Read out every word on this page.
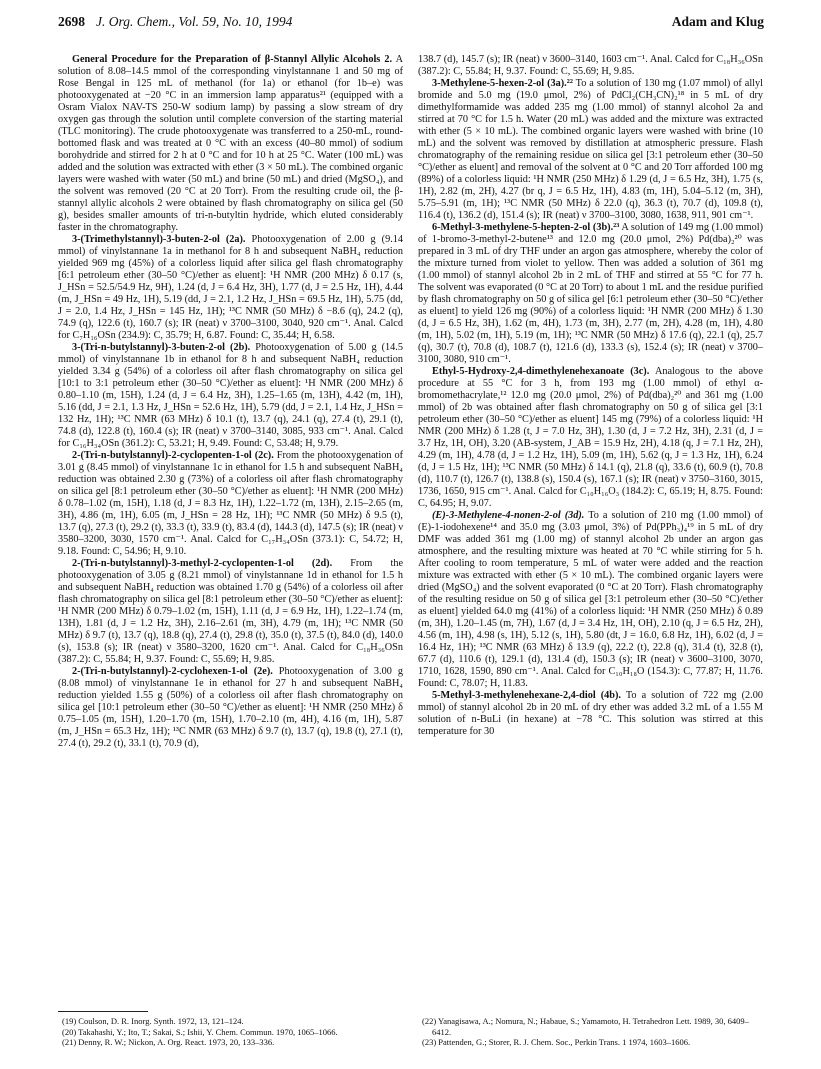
2698 J. Org. Chem., Vol. 59, No. 10, 1994	Adam and Klug

General Procedure for the Preparation of β-Stannyl Allylic Alcohols 2. A solution of 8.08–14.5 mmol of the corresponding vinylstannane 1 and 50 mg of Rose Bengal in 125 mL of methanol (for 1a) or ethanol (for 1b–e) was photooxygenated at −20 °C in an immersion lamp apparatus²¹ (equipped with a Osram Vialox NAV-TS 250-W sodium lamp) by passing a slow stream of dry oxygen gas through the solution until complete conversion of the starting material (TLC monitoring). The crude photooxygenate was transferred to a 250-mL, round-bottomed flask and was treated at 0 °C with an excess (40–80 mmol) of sodium borohydride and stirred for 2 h at 0 °C and for 10 h at 25 °C. Water (100 mL) was added and the solution was extracted with ether (3 × 50 mL). The combined organic layers were washed with water (50 mL) and brine (50 mL) and dried (MgSO₄), and the solvent was removed (20 °C at 20 Torr). From the resulting crude oil, the β-stannyl allylic alcohols 2 were obtained by flash chromatography on silica gel (50 g), besides smaller amounts of tri-n-butyltin hydride, which eluted considerably faster in the chromatography.

3-(Trimethylstannyl)-3-buten-2-ol (2a). Photooxygenation of 2.00 g (9.14 mmol) of vinylstannane 1a in methanol for 8 h and subsequent NaBH₄ reduction yielded 969 mg (45%) of a colorless liquid after silica gel flash chromatography [6:1 petroleum ether (30–50 °C)/ether as eluent]: ¹H NMR (200 MHz) δ 0.17 (s, J_HSn = 52.5/54.9 Hz, 9H), 1.24 (d, J = 6.4 Hz, 3H), 1.77 (d, J = 2.5 Hz, 1H), 4.44 (m, J_HSn = 49 Hz, 1H), 5.19 (dd, J = 2.1, 1.2 Hz, J_HSn = 69.5 Hz, 1H), 5.75 (dd, J = 2.0, 1.4 Hz, J_HSn = 145 Hz, 1H); ¹³C NMR (50 MHz) δ −8.6 (q), 24.2 (q), 74.9 (q), 122.6 (t), 160.7 (s); IR (neat) ν 3700–3100, 3040, 920 cm⁻¹. Anal. Calcd for C₇H₁₆OSn (234.9): C, 35.79; H, 6.87. Found: C, 35.44; H, 6.58.

3-(Tri-n-butylstannyl)-3-buten-2-ol (2b). Photooxygenation of 5.00 g (14.5 mmol) of vinylstannane 1b in ethanol for 8 h and subsequent NaBH₄ reduction yielded 3.34 g (54%) of a colorless oil after flash chromatography on silica gel [10:1 to 3:1 petroleum ether (30–50 °C)/ether as eluent]: ¹H NMR (200 MHz) δ 0.80–1.10 (m, 15H), 1.24 (d, J = 6.4 Hz, 3H), 1.25–1.65 (m, 13H), 4.42 (m, 1H), 5.16 (dd, J = 2.1, 1.3 Hz, J_HSn = 52.6 Hz, 1H), 5.79 (dd, J = 2.1, 1.4 Hz, J_HSn = 132 Hz, 1H); ¹³C NMR (63 MHz) δ 10.1 (t), 13.7 (q), 24.1 (q), 27.4 (t), 29.1 (t), 74.8 (d), 122.8 (t), 160.4 (s); IR (neat) ν 3700–3140, 3085, 933 cm⁻¹. Anal. Calcd for C₁₆H₃₄OSn (361.2): C, 53.21; H, 9.49. Found: C, 53.48; H, 9.79.

2-(Tri-n-butylstannyl)-2-cyclopenten-1-ol (2c). From the photooxygenation of 3.01 g (8.45 mmol) of vinylstannane 1c in ethanol for 1.5 h and subsequent NaBH₄ reduction was obtained 2.30 g (73%) of a colorless oil after flash chromatography on silica gel [8:1 petroleum ether (30–50 °C)/ether as eluent]: ¹H NMR (200 MHz) δ 0.78–1.02 (m, 15H), 1.18 (d, J = 8.3 Hz, 1H), 1.22–1.72 (m, 13H), 2.15–2.65 (m, 3H), 4.86 (m, 1H), 6.05 (m, J_HSn = 28 Hz, 1H); ¹³C NMR (50 MHz) δ 9.5 (t), 13.7 (q), 27.3 (t), 29.2 (t), 33.3 (t), 33.9 (t), 83.4 (d), 144.3 (d), 147.5 (s); IR (neat) ν 3580–3200, 3030, 1570 cm⁻¹. Anal. Calcd for C₁₇H₃₄OSn (373.1): C, 54.72; H, 9.18. Found: C, 54.96; H, 9.10.

2-(Tri-n-butylstannyl)-3-methyl-2-cyclopenten-1-ol (2d). From the photooxygenation of 3.05 g (8.21 mmol) of vinylstannane 1d in ethanol for 1.5 h and subsequent NaBH₄ reduction was obtained 1.70 g (54%) of a colorless oil after flash chromatography on silica gel [8:1 petroleum ether (30–50 °C)/ether as eluent]: ¹H NMR (200 MHz) δ 0.79–1.02 (m, 15H), 1.11 (d, J = 6.9 Hz, 1H), 1.22–1.74 (m, 13H), 1.81 (d, J = 1.2 Hz, 3H), 2.16–2.61 (m, 3H), 4.79 (m, 1H); ¹³C NMR (50 MHz) δ 9.7 (t), 13.7 (q), 18.8 (q), 27.4 (t), 29.8 (t), 35.0 (t), 37.5 (t), 84.0 (d), 140.0 (s), 153.8 (s); IR (neat) ν 3580–3200, 1620 cm⁻¹. Anal. Calcd for C₁₈H₃₆OSn (387.2): C, 55.84; H, 9.37. Found: C, 55.69; H, 9.85.

2-(Tri-n-butylstannyl)-2-cyclohexen-1-ol (2e). Photooxygenation of 3.00 g (8.08 mmol) of vinylstannane 1e in ethanol for 27 h and subsequent NaBH₄ reduction yielded 1.55 g (50%) of a colorless oil after flash chromatography on silica gel [10:1 petroleum ether (30–50 °C)/ether as eluent]: ¹H NMR (250 MHz) δ 0.75–1.05 (m, 15H), 1.20–1.70 (m, 15H), 1.70–2.10 (m, 4H), 4.16 (m, 1H), 5.87 (m, J_HSn = 65.3 Hz, 1H); ¹³C NMR (63 MHz) δ 9.7 (t), 13.7 (q), 19.8 (t), 27.1 (t), 27.4 (t), 29.2 (t), 33.1 (t), 70.9 (d),

138.7 (d), 145.7 (s); IR (neat) ν 3600–3140, 1603 cm⁻¹. Anal. Calcd for C₁₈H₃₆OSn (387.2): C, 55.84; H, 9.37. Found: C, 55.69; H, 9.85.

3-Methylene-5-hexen-2-ol (3a).²² To a solution of 130 mg (1.07 mmol) of allyl bromide and 5.0 mg (19.0 μmol, 2%) of PdCl₂(CH₃CN)₂¹⁸ in 5 mL of dry dimethylformamide was added 235 mg (1.00 mmol) of stannyl alcohol 2a and stirred at 70 °C for 1.5 h. Water (20 mL) was added and the mixture was extracted with ether (5 × 10 mL). The combined organic layers were washed with brine (10 mL) and the solvent was removed by distillation at atmospheric pressure. Flash chromatography of the remaining residue on silica gel [3:1 petroleum ether (30–50 °C)/ether as eluent] and removal of the solvent at 0 °C and 20 Torr afforded 100 mg (89%) of a colorless liquid: ¹H NMR (250 MHz) δ 1.29 (d, J = 6.5 Hz, 3H), 1.75 (s, 1H), 2.82 (m, 2H), 4.27 (br q, J = 6.5 Hz, 1H), 4.83 (m, 1H), 5.04–5.12 (m, 3H), 5.75–5.91 (m, 1H); ¹³C NMR (50 MHz) δ 22.0 (q), 36.3 (t), 70.7 (d), 109.8 (t), 116.4 (t), 136.2 (d), 151.4 (s); IR (neat) ν 3700–3100, 3080, 1638, 911, 901 cm⁻¹.

6-Methyl-3-methylene-5-hepten-2-ol (3b).²³ A solution of 149 mg (1.00 mmol) of 1-bromo-3-methyl-2-butene¹³ and 12.0 mg (20.0 μmol, 2%) Pd(dba)₂²⁰ was prepared in 3 mL of dry THF under an argon gas atmosphere, whereby the color of the mixture turned from violet to yellow. Then was added a solution of 361 mg (1.00 mmol) of stannyl alcohol 2b in 2 mL of THF and stirred at 55 °C for 77 h. The solvent was evaporated (0 °C at 20 Torr) to about 1 mL and the residue purified by flash chromatography on 50 g of silica gel [6:1 petroleum ether (30–50 °C)/ether as eluent] to yield 126 mg (90%) of a colorless liquid: ¹H NMR (200 MHz) δ 1.30 (d, J = 6.5 Hz, 3H), 1.62 (m, 4H), 1.73 (m, 3H), 2.77 (m, 2H), 4.28 (m, 1H), 4.80 (m, 1H), 5.02 (m, 1H), 5.19 (m, 1H); ¹³C NMR (50 MHz) δ 17.6 (q), 22.1 (q), 25.7 (q), 30.7 (t), 70.8 (d), 108.7 (t), 121.6 (d), 133.3 (s), 152.4 (s); IR (neat) ν 3700–3100, 3080, 910 cm⁻¹.

Ethyl-5-Hydroxy-2,4-dimethylenehexanoate (3c). Analogous to the above procedure at 55 °C for 3 h, from 193 mg (1.00 mmol) of ethyl α-bromomethacrylate,¹² 12.0 mg (20.0 μmol, 2%) of Pd(dba)₂²⁰ and 361 mg (1.00 mmol) of 2b was obtained after flash chromatography on 50 g of silica gel [3:1 petroleum ether (30–50 °C)/ether as eluent] 145 mg (79%) of a colorless liquid: ¹H NMR (200 MHz) δ 1.28 (t, J = 7.0 Hz, 3H), 1.30 (d, J = 7.2 Hz, 3H), 2.31 (d, J = 3.7 Hz, 1H, OH), 3.20 (AB-system, J_AB = 15.9 Hz, 2H), 4.18 (q, J = 7.1 Hz, 2H), 4.29 (m, 1H), 4.78 (d, J = 1.2 Hz, 1H), 5.09 (m, 1H), 5.62 (q, J = 1.3 Hz, 1H), 6.24 (d, J = 1.5 Hz, 1H); ¹³C NMR (50 MHz) δ 14.1 (q), 21.8 (q), 33.6 (t), 60.9 (t), 70.8 (d), 110.7 (t), 126.7 (t), 138.8 (s), 150.4 (s), 167.1 (s); IR (neat) ν 3750–3160, 3015, 1736, 1650, 915 cm⁻¹. Anal. Calcd for C₁₀H₁₆O₃ (184.2): C, 65.19; H, 8.75. Found: C, 64.95; H, 9.07.

(E)-3-Methylene-4-nonen-2-ol (3d). To a solution of 210 mg (1.00 mmol) of (E)-1-iodohexene¹⁴ and 35.0 mg (3.03 μmol, 3%) of Pd(PPh₃)₄¹⁹ in 5 mL of dry DMF was added 361 mg (1.00 mg) of stannyl alcohol 2b under an argon gas atmosphere, and the resulting mixture was heated at 70 °C while stirring for 5 h. After cooling to room temperature, 5 mL of water were added and the reaction mixture was extracted with ether (5 × 10 mL). The combined organic layers were dried (MgSO₄) and the solvent evaporated (0 °C at 20 Torr). Flash chromatography of the resulting residue on 50 g of silica gel [3:1 petroleum ether (30–50 °C)/ether as eluent] yielded 64.0 mg (41%) of a colorless liquid: ¹H NMR (250 MHz) δ 0.89 (m, 3H), 1.20–1.45 (m, 7H), 1.67 (d, J = 3.4 Hz, 1H, OH), 2.10 (q, J = 6.5 Hz, 2H), 4.56 (m, 1H), 4.98 (s, 1H), 5.12 (s, 1H), 5.80 (dt, J = 16.0, 6.8 Hz, 1H), 6.02 (d, J = 16.4 Hz, 1H); ¹³C NMR (63 MHz) δ 13.9 (q), 22.2 (t), 22.8 (q), 31.4 (t), 32.8 (t), 67.7 (d), 110.6 (t), 129.1 (d), 131.4 (d), 150.3 (s); IR (neat) ν 3600–3100, 3070, 1710, 1628, 1590, 890 cm⁻¹. Anal. Calcd for C₁₀H₁₈O (154.3): C, 77.87; H, 11.76. Found: C, 78.07; H, 11.83.

5-Methyl-3-methylenehexane-2,4-diol (4b). To a solution of 722 mg (2.00 mmol) of stannyl alcohol 2b in 20 mL of dry ether was added 3.2 mL of a 1.55 M solution of n-BuLi (in hexane) at −78 °C. This solution was stirred at this temperature for 30

(19) Coulson, D. R. Inorg. Synth. 1972, 13, 121–124.
(20) Takahashi, Y.; Ito, T.; Sakai, S.; Ishii, Y. Chem. Commun. 1970, 1065–1066.
(21) Denny, R. W.; Nickon, A. Org. React. 1973, 20, 133–336.
(22) Yanagisawa, A.; Nomura, N.; Habaue, S.; Yamamoto, H. Tetrahedron Lett. 1989, 30, 6409–6412.
(23) Pattenden, G.; Storer, R. J. Chem. Soc., Perkin Trans. 1 1974, 1603–1606.
